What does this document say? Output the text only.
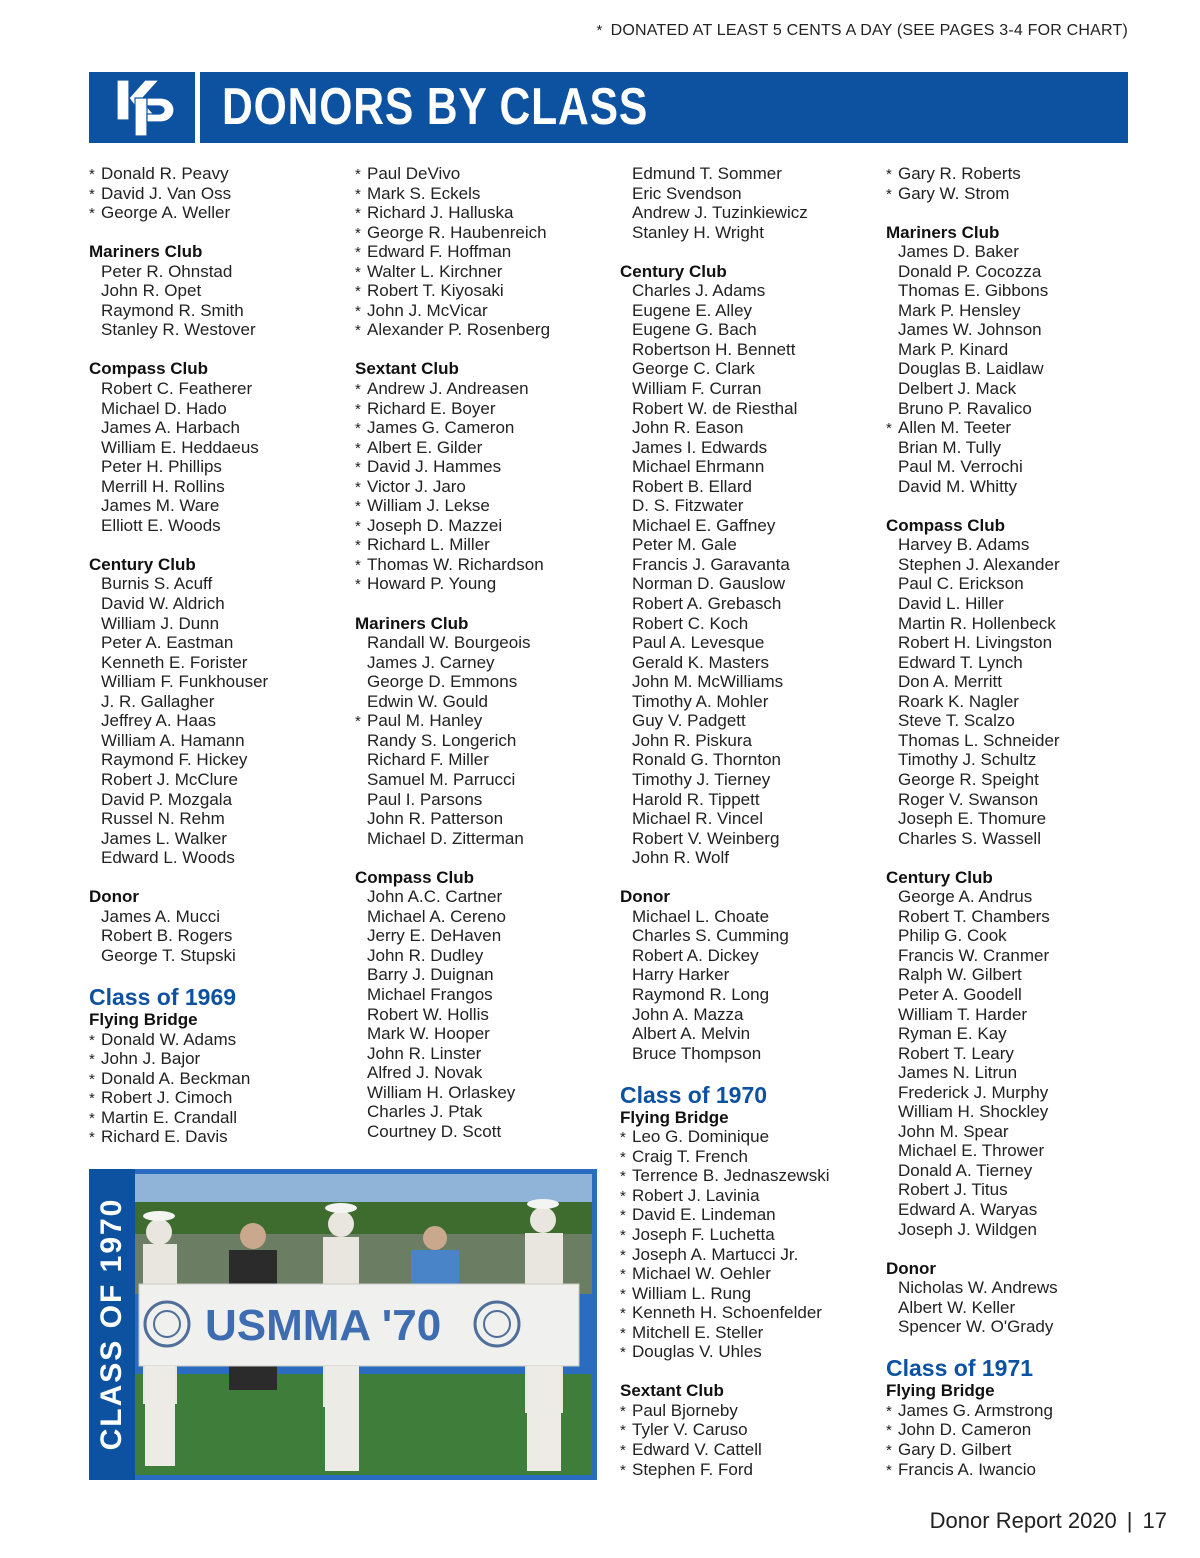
* DONATED AT LEAST 5 CENTS A DAY (SEE PAGES 3-4 FOR CHART)
DONORS BY CLASS
* Donald R. Peavy
* David J. Van Oss
* George A. Weller
Mariners Club
Peter R. Ohnstad
John R. Opet
Raymond R. Smith
Stanley R. Westover
Compass Club
Robert C. Featherer
Michael D. Hado
James A. Harbach
William E. Heddaeus
Peter H. Phillips
Merrill H. Rollins
James M. Ware
Elliott E. Woods
Century Club
Burnis S. Acuff
David W. Aldrich
William J. Dunn
Peter A. Eastman
Kenneth E. Forister
William F. Funkhouser
J. R. Gallagher
Jeffrey A. Haas
William A. Hamann
Raymond F. Hickey
Robert J. McClure
David P. Mozgala
Russel N. Rehm
James L. Walker
Edward L. Woods
Donor
James A. Mucci
Robert B. Rogers
George T. Stupski
Class of 1969
Flying Bridge
* Donald W. Adams
* John J. Bajor
* Donald A. Beckman
* Robert J. Cimoch
* Martin E. Crandall
* Richard E. Davis
* Paul DeVivo
* Mark S. Eckels
* Richard J. Halluska
* George R. Haubenreich
* Edward F. Hoffman
* Walter L. Kirchner
* Robert T. Kiyosaki
* John J. McVicar
* Alexander P. Rosenberg
Sextant Club
* Andrew J. Andreasen
* Richard E. Boyer
* James G. Cameron
* Albert E. Gilder
* David J. Hammes
* Victor J. Jaro
* William J. Lekse
* Joseph D. Mazzei
* Richard L. Miller
* Thomas W. Richardson
* Howard P. Young
Mariners Club
Randall W. Bourgeois
James J. Carney
George D. Emmons
Edwin W. Gould
* Paul M. Hanley
Randy S. Longerich
Richard F. Miller
Samuel M. Parrucci
Paul I. Parsons
John R. Patterson
Michael D. Zitterman
Compass Club
John A.C. Cartner
Michael A. Cereno
Jerry E. DeHaven
John R. Dudley
Barry J. Duignan
Michael Frangos
Robert W. Hollis
Mark W. Hooper
John R. Linster
Alfred J. Novak
William H. Orlaskey
Charles J. Ptak
Courtney D. Scott
Edmund T. Sommer
Eric Svendson
Andrew J. Tuzinkiewicz
Stanley H. Wright
Century Club
Charles J. Adams
Eugene E. Alley
Eugene G. Bach
Robertson H. Bennett
George C. Clark
William F. Curran
Robert W. de Riesthal
John R. Eason
James I. Edwards
Michael Ehrmann
Robert B. Ellard
D. S. Fitzwater
Michael E. Gaffney
Peter M. Gale
Francis J. Garavanta
Norman D. Gauslow
Robert A. Grebasch
Robert C. Koch
Paul A. Levesque
Gerald K. Masters
John M. McWilliams
Timothy A. Mohler
Guy V. Padgett
John R. Piskura
Ronald G. Thornton
Timothy J. Tierney
Harold R. Tippett
Michael R. Vincel
Robert V. Weinberg
John R. Wolf
Donor
Michael L. Choate
Charles S. Cumming
Robert A. Dickey
Harry Harker
Raymond R. Long
John A. Mazza
Albert A. Melvin
Bruce Thompson
Class of 1970
Flying Bridge
* Leo G. Dominique
* Craig T. French
* Terrence B. Jednaszewski
* Robert J. Lavinia
* David E. Lindeman
* Joseph F. Luchetta
* Joseph A. Martucci Jr.
* Michael W. Oehler
* William L. Rung
* Kenneth H. Schoenfelder
* Mitchell E. Steller
* Douglas V. Uhles
Sextant Club
* Paul Bjorneby
* Tyler V. Caruso
* Edward V. Cattell
* Stephen F. Ford
* Gary R. Roberts
* Gary W. Strom
Mariners Club
James D. Baker
Donald P. Cocozza
Thomas E. Gibbons
Mark P. Hensley
James W. Johnson
Mark P. Kinard
Douglas B. Laidlaw
Delbert J. Mack
Bruno P. Ravalico
* Allen M. Teeter
Brian M. Tully
Paul M. Verrochi
David M. Whitty
Compass Club
Harvey B. Adams
Stephen J. Alexander
Paul C. Erickson
David L. Hiller
Martin R. Hollenbeck
Robert H. Livingston
Edward T. Lynch
Don A. Merritt
Roark K. Nagler
Steve T. Scalzo
Thomas L. Schneider
Timothy J. Schultz
George R. Speight
Roger V. Swanson
Joseph E. Thomure
Charles S. Wassell
Century Club
George A. Andrus
Robert T. Chambers
Philip G. Cook
Francis W. Cranmer
Ralph W. Gilbert
Peter A. Goodell
William T. Harder
Ryman E. Kay
Robert T. Leary
James N. Litrun
Frederick J. Murphy
William H. Shockley
John M. Spear
Michael E. Thrower
Donald A. Tierney
Robert J. Titus
Edward A. Waryas
Joseph J. Wildgen
Donor
Nicholas W. Andrews
Albert W. Keller
Spencer W. O'Grady
Class of 1971
Flying Bridge
* James G. Armstrong
* John D. Cameron
* Gary D. Gilbert
* Francis A. Iwancio
CLASS OF 1970 USMMA '70
Donor Report 2020 | 17
